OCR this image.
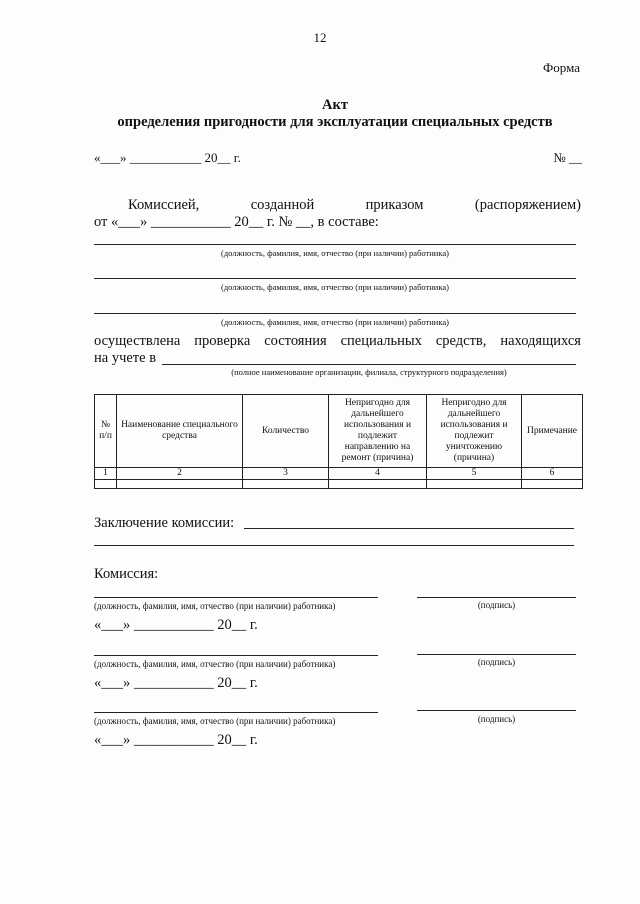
12
Форма
Акт
определения пригодности для эксплуатации специальных средств
«___» ___________ 20__ г.	№ __
Комиссией,	созданной	приказом	(распоряжением)
от «___» ___________ 20__ г. № __, в составе:
(должность, фамилия, имя, отчество (при наличии) работника)
(должность, фамилия, имя, отчество (при наличии) работника)
(должность, фамилия, имя, отчество (при наличии) работника)
осуществлена проверка состояния специальных средств, находящихся
на учете в
(полное наименование организации, филиала, структурного подразделения)
№ п/п	Наименование специального средства	Количество	Непригодно для дальнейшего использования и подлежит направлению на ремонт (причина)	Непригодно для дальнейшего использования и подлежит уничтожению (причина)	Примечание
1	2	3	4	5	6

Заключение комиссии:
Комиссия:
(должность, фамилия, имя, отчество (при наличии) работника)	(подпись)
«___» ___________ 20__ г.
(должность, фамилия, имя, отчество (при наличии) работника)	(подпись)
«___» ___________ 20__ г.
(должность, фамилия, имя, отчество (при наличии) работника)	(подпись)
«___» ___________ 20__ г.
